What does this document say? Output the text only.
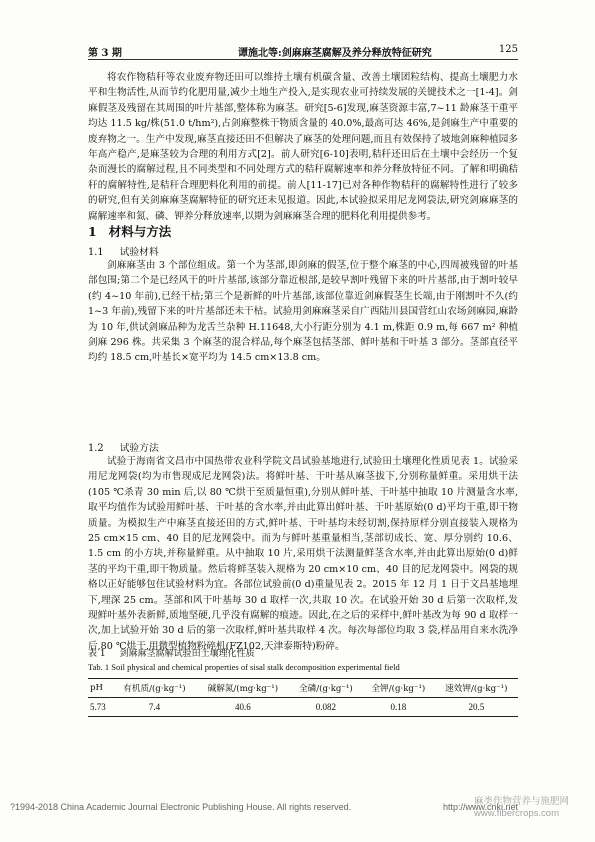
第 3 期	谭施北等:剑麻麻茎腐解及养分释放特征研究	125

将农作物秸秆等农业废弃物还田可以维持土壤有机碳含量、改善土壤团粒结构、提高土壤肥力水平和生物活性,从而节约化肥用量,减少土地生产投入,是实现农业可持续发展的关键技术之一[1-4]。剑麻假茎及残留在其周围的叶片基部,整体称为麻茎。研究[5-6]发现,麻茎资源丰富,7~11 龄麻茎干重平均达 11.5 kg/株(51.0 t/hm²),占剑麻整株干物质含量的 40.0%,最高可达 46%,是剑麻生产中重要的废弃物之一。生产中发现,麻茎直接还田不但解决了麻茎的处理问题,而且有效保持了坡地剑麻种植园多年高产稳产,是麻茎较为合理的利用方式[2]。前人研究[6-10]表明,秸秆还田后在土壤中会经历一个复杂而漫长的腐解过程,且不同类型和不同处理方式的秸秆腐解速率和养分释放特征不同。了解和明确秸秆的腐解特性,是秸秆合理肥料化利用的前提。前人[11-17]已对各种作物秸秆的腐解特性进行了较多的研究,但有关剑麻麻茎腐解特征的研究还未见报道。因此,本试验拟采用尼龙网袋法,研究剑麻麻茎的腐解速率和氮、磷、钾养分释放速率,以期为剑麻麻茎合理的肥料化利用提供参考。

1 材料与方法
1.1 试验材料

剑麻麻茎由 3 个部位组成。第一个为茎部,即剑麻的假茎,位于整个麻茎的中心,四周被残留的叶基部包围;第二个是已经风干的叶片基部,该部分靠近根部,是较早割叶残留下来的叶片基部,由于割叶较早(约 4~10 年前),已经干枯;第三个是新鲜的叶片基部,该部位靠近剑麻假茎生长端,由于刚割叶不久(约 1~3 年前),残留下来的叶片基部还未干枯。试验用剑麻麻茎采自广西陆川县国营红山农场剑麻园,麻龄为 10 年,供试剑麻品种为龙舌兰杂种 H.11648,大小行距分别为 4.1 m,株距 0.9 m,每 667 m² 种植剑麻 296 株。共采集 3 个麻茎的混合样品,每个麻茎包括茎部、鲜叶基和干叶基 3 部分。茎部直径平均约 18.5 cm,叶基长×宽平均为 14.5 cm×13.8 cm。

1.2 试验方法

试验于海南省文昌市中国热带农业科学院文昌试验基地进行,试验田土壤理化性质见表 1。试验采用尼龙网袋(均为市售现成尼龙网袋)法。将鲜叶基、干叶基从麻茎拔下,分别称量鲜重。采用烘干法(105 ℃杀青 30 min 后,以 80 ℃烘干至质量恒重),分别从鲜叶基、干叶基中抽取 10 片测量含水率,取平均值作为试验用鲜叶基、干叶基的含水率,并由此算出鲜叶基、干叶基原始(0 d)平均干重,即干物质量。为模拟生产中麻茎直接还田的方式,鲜叶基、干叶基均未经切割,保持原样分别直接装入规格为 25 cm×15 cm、40 目的尼龙网袋中。而为与鲜叶基重量相当,茎部切成长、宽、厚分别约 10.6、1.5 cm 的小方块,并称量鲜重。从中抽取 10 片,采用烘干法测量鲜茎含水率,并由此算出原始(0 d)鲜茎的平均干重,即干物质量。然后将鲜茎装入规格为 20 cm×10 cm、40 目的尼龙网袋中。网袋的规格以正好能够包住试验材料为宜。各部位试验前(0 d)重量见表 2。2015 年 12 月 1 日于文昌基地埋下,埋深 25 cm。茎部和风干叶基每 30 d 取样一次,共取 10 次。在试验开始 30 d 后第一次取样,发现鲜叶基外表新鲜,质地坚硬,几乎没有腐解的痕迹。因此,在之后的采样中,鲜叶基改为每 90 d 取样一次,加上试验开始 30 d 后的第一次取样,鲜叶基共取样 4 次。每次每部位均取 3 袋,样品用自来水洗净后,80 ℃烘干,用微型植物粉碎机(FZ102,天津泰斯特)粉碎。

表 1 剑麻麻茎腐解试验田土壤理化性质
Tab. 1 Soil physical and chemical properties of sisal stalk decomposition experimental field
pH	有机质/(g·kg⁻¹)	碱解氮/(mg·kg⁻¹)	全磷/(g·kg⁻¹)	全钾/(g·kg⁻¹)	速效钾/(g·kg⁻¹)
5.73	7.4	40.6	0.082	0.18	20.5
?1994-2018 China Academic Journal Electronic Publishing House. All rights reserved.	http://www.cnki.net
麻类作物营养与施肥网
www.fibercrops.com
